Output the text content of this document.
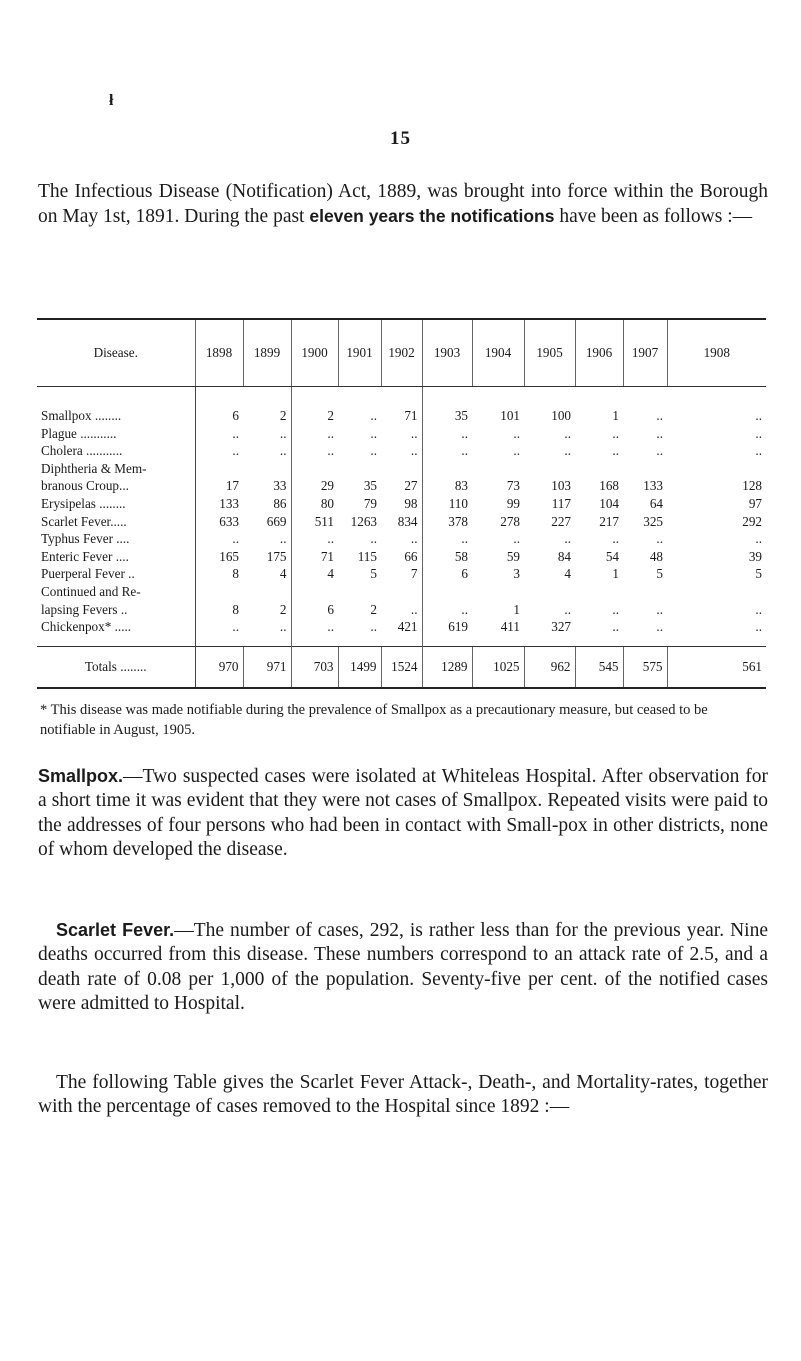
ł
15
The Infectious Disease (Notification) Act, 1889, was brought into force within the Borough on May 1st, 1891. During the past eleven years the notifications have been as follows :—
Disease.	1898	1899	1900	1901	1902	1903	1904	1905	1906	1907	1908
Smallpox ........	6	2	2	..	71	35	101	100	1	..	..
Plague ...........	..	..	..	..	..	..	..	..	..	..	..
Cholera ...........	..	..	..	..	..	..	..	..	..	..	..
Diphtheria & Mem-											
branous Croup...	17	33	29	35	27	83	73	103	168	133	128
Erysipelas ........	133	86	80	79	98	110	99	117	104	64	97
Scarlet Fever.....	633	669	511	1263	834	378	278	227	217	325	292
Typhus Fever ....	..	..	..	..	..	..	..	..	..	..	..
Enteric Fever ....	165	175	71	115	66	58	59	84	54	48	39
Puerperal Fever ..	8	4	4	5	7	6	3	4	1	5	5
Continued and Re-											
lapsing Fevers ..	8	2	6	2	..	..	1	..	..	..	..
Chickenpox* .....	..	..	..	..	421	619	411	327	..	..	..
Totals ........	970	971	703	1499	1524	1289	1025	962	545	575	561
* This disease was made notifiable during the prevalence of Smallpox as a precautionary measure, but ceased to be notifiable in August, 1905.
Smallpox.—Two suspected cases were isolated at Whiteleas Hospital. After observation for a short time it was evident that they were not cases of Smallpox. Repeated visits were paid to the addresses of four persons who had been in contact with Small-pox in other districts, none of whom developed the disease.
Scarlet Fever.—The number of cases, 292, is rather less than for the previous year. Nine deaths occurred from this disease. These numbers correspond to an attack rate of 2.5, and a death rate of 0.08 per 1,000 of the population. Seventy-five per cent. of the notified cases were admitted to Hospital.
The following Table gives the Scarlet Fever Attack-, Death-, and Mortality-rates, together with the percentage of cases removed to the Hospital since 1892 :—
